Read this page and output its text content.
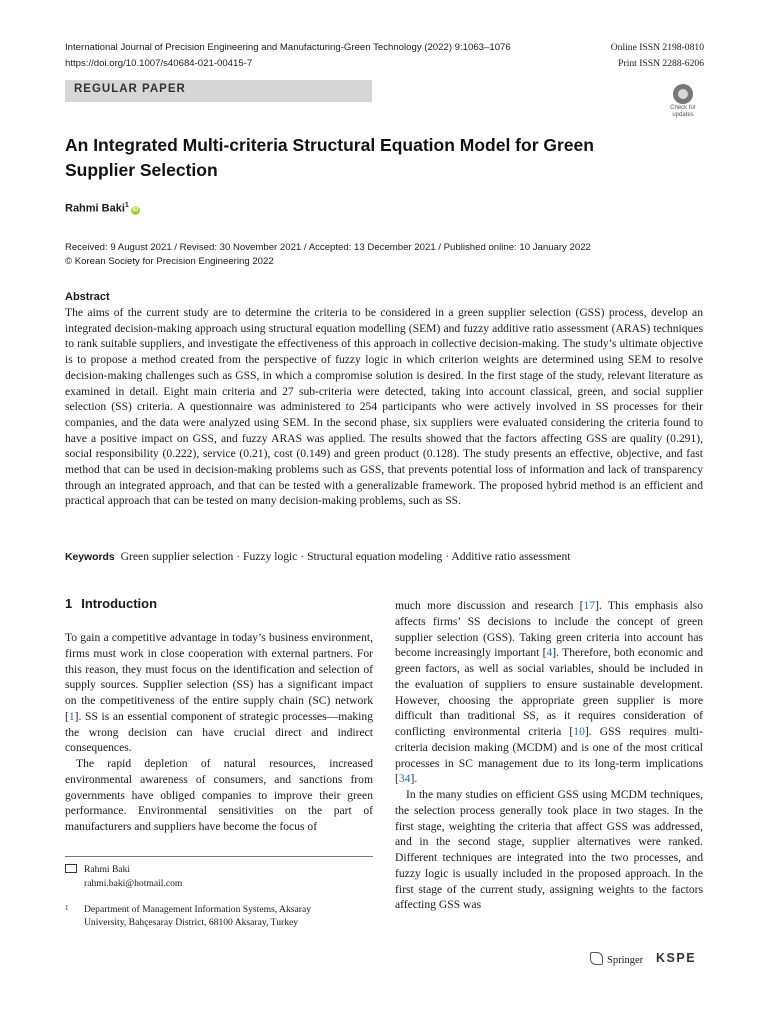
International Journal of Precision Engineering and Manufacturing-Green Technology (2022) 9:1063–1076
https://doi.org/10.1007/s40684-021-00415-7
Online ISSN 2198-0810
Print ISSN 2288-6206
REGULAR PAPER
Check for
updates
An Integrated Multi-criteria Structural Equation Model for Green Supplier Selection
Rahmi Baki$^1$iD
Received: 9 August 2021 / Revised: 30 November 2021 / Accepted: 13 December 2021 / Published online: 10 January 2022
© Korean Society for Precision Engineering 2022
Abstract
The aims of the current study are to determine the criteria to be considered in a green supplier selection (GSS) process, develop an integrated decision-making approach using structural equation modelling (SEM) and fuzzy additive ratio assessment (ARAS) techniques to rank suitable suppliers, and investigate the effectiveness of this approach in collective decision-making. The study’s ultimate objective is to propose a method created from the perspective of fuzzy logic in which criterion weights are determined using SEM to resolve decision-making challenges such as GSS, in which a compromise solution is desired. In the first stage of the study, relevant literature as examined in detail. Eight main criteria and 27 sub-criteria were detected, taking into account classical, green, and social supplier selection (SS) criteria. A questionnaire was administered to 254 participants who were actively involved in SS processes for their companies, and the data were analyzed using SEM. In the second phase, six suppliers were evaluated considering the criteria found to have a positive impact on GSS, and fuzzy ARAS was applied. The results showed that the factors affecting GSS are quality (0.291), social responsibility (0.222), service (0.21), cost (0.149) and green product (0.128). The study presents an effective, objective, and fast method that can be used in decision-making problems such as GSS, that prevents potential loss of information and lack of transparency through an integrated approach, and that can be tested with a generalizable framework. The proposed hybrid method is an efficient and practical approach that can be tested on many decision-making problems, such as SS.
Keywords Green supplier selection · Fuzzy logic · Structural equation modeling · Additive ratio assessment
1 Introduction

To gain a competitive advantage in today’s business environment, firms must work in close cooperation with external partners. For this reason, they must focus on the identification and selection of supply sources. Supplier selection (SS) has a significant impact on the competitiveness of the entire supply chain (SC) network [1]. SS is an essential component of strategic processes—making the wrong decision can have crucial direct and indirect consequences.

The rapid depletion of natural resources, increased environmental awareness of consumers, and sanctions from governments have obliged companies to improve their green performance. Environmental sensitivities on the part of manufacturers and suppliers have become the focus of

much more discussion and research [17]. This emphasis also affects firms’ SS decisions to include the concept of green supplier selection (GSS). Taking green criteria into account has become increasingly important [4]. Therefore, both economic and green factors, as well as social variables, should be included in the evaluation of suppliers to ensure sustainable development. However, choosing the appropriate green supplier is more difficult than traditional SS, as it requires consideration of conflicting environmental criteria [10]. GSS requires multi-criteria decision making (MCDM) and is one of the most critical processes in SC management due to its long-term implications [34].

In the many studies on efficient GSS using MCDM techniques, the selection process generally took place in two stages. In the first stage, weighting the criteria that affect GSS was addressed, and in the second stage, supplier alternatives were ranked. Different techniques are integrated into the two processes, and fuzzy logic is usually included in the proposed approach. In the first stage of the current study, assigning weights to the factors affecting GSS was

Rahmi Baki
rahmi.baki@hotmail.com
1 Department of Management Information Systems, Aksaray
University, Bahçesaray District, 68100 Aksaray, Turkey
Springer KSPE
